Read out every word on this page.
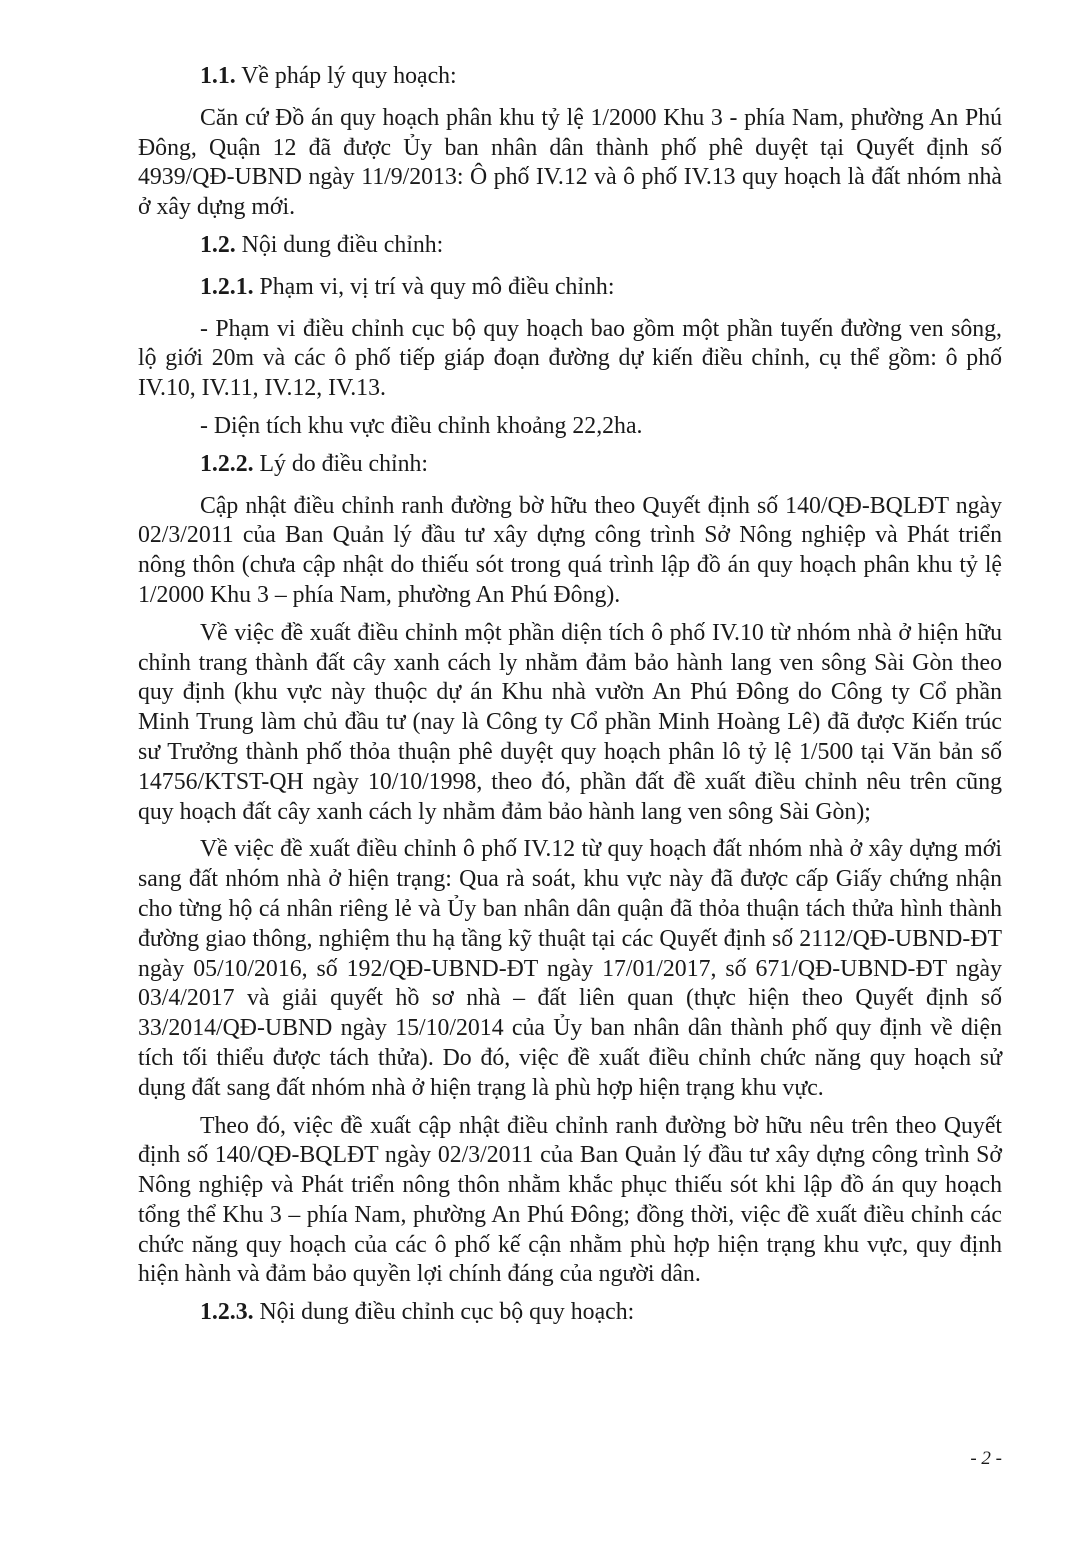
1.1. Về pháp lý quy hoạch:

Căn cứ Đồ án quy hoạch phân khu tỷ lệ 1/2000 Khu 3 - phía Nam, phường An Phú Đông, Quận 12 đã được Ủy ban nhân dân thành phố phê duyệt tại Quyết định số 4939/QĐ-UBND ngày 11/9/2013: Ô phố IV.12 và ô phố IV.13 quy hoạch là đất nhóm nhà ở xây dựng mới.

1.2. Nội dung điều chỉnh:

1.2.1. Phạm vi, vị trí và quy mô điều chỉnh:

- Phạm vi điều chỉnh cục bộ quy hoạch bao gồm một phần tuyến đường ven sông, lộ giới 20m và các ô phố tiếp giáp đoạn đường dự kiến điều chỉnh, cụ thể gồm: ô phố IV.10, IV.11, IV.12, IV.13.

- Diện tích khu vực điều chỉnh khoảng 22,2ha.

1.2.2. Lý do điều chỉnh:

Cập nhật điều chỉnh ranh đường bờ hữu theo Quyết định số 140/QĐ-BQLĐT ngày 02/3/2011 của Ban Quản lý đầu tư xây dựng công trình Sở Nông nghiệp và Phát triển nông thôn (chưa cập nhật do thiếu sót trong quá trình lập đồ án quy hoạch phân khu tỷ lệ 1/2000 Khu 3 – phía Nam, phường An Phú Đông).

Về việc đề xuất điều chỉnh một phần diện tích ô phố IV.10 từ nhóm nhà ở hiện hữu chỉnh trang thành đất cây xanh cách ly nhằm đảm bảo hành lang ven sông Sài Gòn theo quy định (khu vực này thuộc dự án Khu nhà vườn An Phú Đông do Công ty Cổ phần Minh Trung làm chủ đầu tư (nay là Công ty Cổ phần Minh Hoàng Lê) đã được Kiến trúc sư Trưởng thành phố thỏa thuận phê duyệt quy hoạch phân lô tỷ lệ 1/500 tại Văn bản số 14756/KTST-QH ngày 10/10/1998, theo đó, phần đất đề xuất điều chỉnh nêu trên cũng quy hoạch đất cây xanh cách ly nhằm đảm bảo hành lang ven sông Sài Gòn);

Về việc đề xuất điều chỉnh ô phố IV.12 từ quy hoạch đất nhóm nhà ở xây dựng mới sang đất nhóm nhà ở hiện trạng: Qua rà soát, khu vực này đã được cấp Giấy chứng nhận cho từng hộ cá nhân riêng lẻ và Ủy ban nhân dân quận đã thỏa thuận tách thửa hình thành đường giao thông, nghiệm thu hạ tầng kỹ thuật tại các Quyết định số 2112/QĐ-UBND-ĐT ngày 05/10/2016, số 192/QĐ-UBND-ĐT ngày 17/01/2017, số 671/QĐ-UBND-ĐT ngày 03/4/2017 và giải quyết hồ sơ nhà – đất liên quan (thực hiện theo Quyết định số 33/2014/QĐ-UBND ngày 15/10/2014 của Ủy ban nhân dân thành phố quy định về diện tích tối thiểu được tách thửa). Do đó, việc đề xuất điều chỉnh chức năng quy hoạch sử dụng đất sang đất nhóm nhà ở hiện trạng là phù hợp hiện trạng khu vực.

Theo đó, việc đề xuất cập nhật điều chỉnh ranh đường bờ hữu nêu trên theo Quyết định số 140/QĐ-BQLĐT ngày 02/3/2011 của Ban Quản lý đầu tư xây dựng công trình Sở Nông nghiệp và Phát triển nông thôn nhằm khắc phục thiếu sót khi lập đồ án quy hoạch tổng thể Khu 3 – phía Nam, phường An Phú Đông; đồng thời, việc đề xuất điều chỉnh các chức năng quy hoạch của các ô phố kế cận nhằm phù hợp hiện trạng khu vực, quy định hiện hành và đảm bảo quyền lợi chính đáng của người dân.

1.2.3. Nội dung điều chỉnh cục bộ quy hoạch:

- 2 -
